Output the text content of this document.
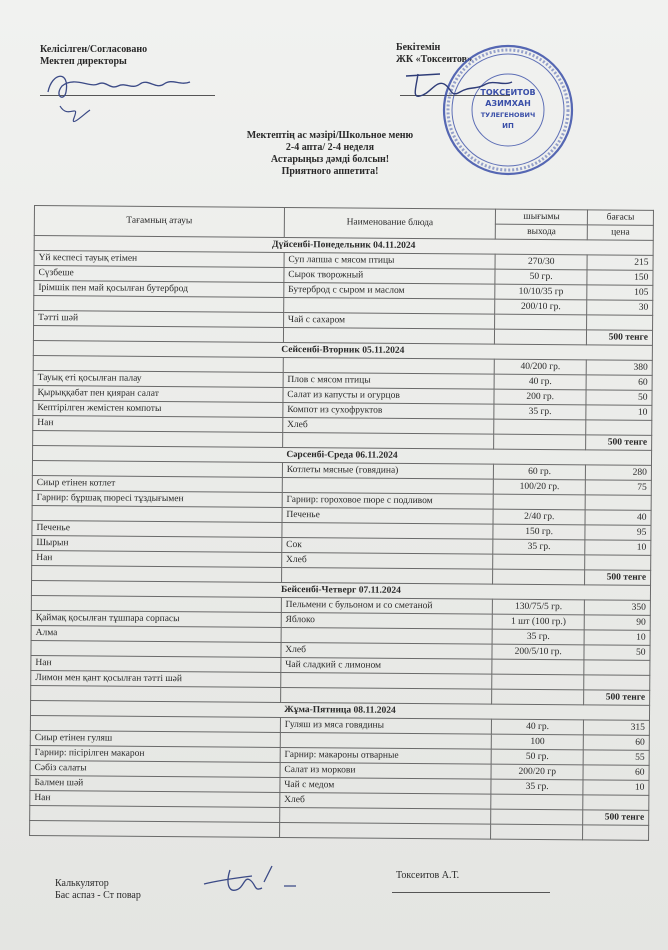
Келісілген/Согласовано
Мектеп директоры
Бекітемін
ЖК «Токсеитов»
ТОКСЕИТОВ
АЗИМХАН
ТУЛЕГЕНОВИЧ
ИП
Мектептің ас мәзірі/Школьное меню
2-4 апта/ 2-4 неделя
Астарыңыз дәмді болсын!
Приятного аппетита!
Тағамның атауы	Наименование блюда	шығымы	бағасы
		выхода	цена
Дүйсенбі-Понедельник 04.11.2024			
Үй кеспесі тауық етімен	Суп лапша с мясом птицы	270/30	215
Сүзбеше	Сырок творожный	50 гр.	150
Ірімшік пен май қосылған бутерброд	Бутерброд с сыром и маслом	10/10/35 гр	105
		200/10 гр.	30
Тәтті шәй	Чай с сахаром		
			500 тенге
Сейсенбі-Вторник 05.11.2024			
		40/200 гр.	380
Тауық еті қосылған палау	Плов с мясом птицы	40 гр.	60
Қырыққабат пен қияран салат	Салат из капусты и огурцов	200 гр.	50
Кептірілген жемістен компоты	Компот из сухофруктов	35 гр.	10
Нан	Хлеб		
			500 тенге
Сәрсенбі-Среда 06.11.2024			
	Котлеты мясные (говядина)	60 гр.	280
Сиыр етінен котлет		100/20 гр.	75
Гарнир: бұршақ пюресі тұздығымен	Гарнир: гороховое пюре с подливом		
	Печенье	2/40 гр.	40
Печенье		150 гр.	95
Шырын	Сок	35 гр.	10
Нан	Хлеб		
			500 тенге
Бейсенбі-Четверг 07.11.2024			
	Пельмени с бульоном и со сметаной	130/75/5 гр.	350
Қаймақ қосылған тұшпара сорпасы	Яблоко	1 шт (100 гр.)	90
Алма		35 гр.	10
	Хлеб	200/5/10 гр.	50
Нан	Чай сладкий с лимоном		
Лимон мен қант қосылған тәтті шәй			
			500 тенге
Жұма-Пятница 08.11.2024			
	Гуляш из мяса говядины	40 гр.	315
Сиыр етінен гуляш		100	60
Гарнир: пісірілген макарон	Гарнир: макароны отварные	50 гр.	55
Сәбіз салаты	Салат из моркови	200/20 гр	60
Балмен шәй	Чай с медом	35 гр.	10
Нан	Хлеб		
			500 тенге

Калькулятор
Бас аспаз - Ст повар
Токсеитов А.Т.
